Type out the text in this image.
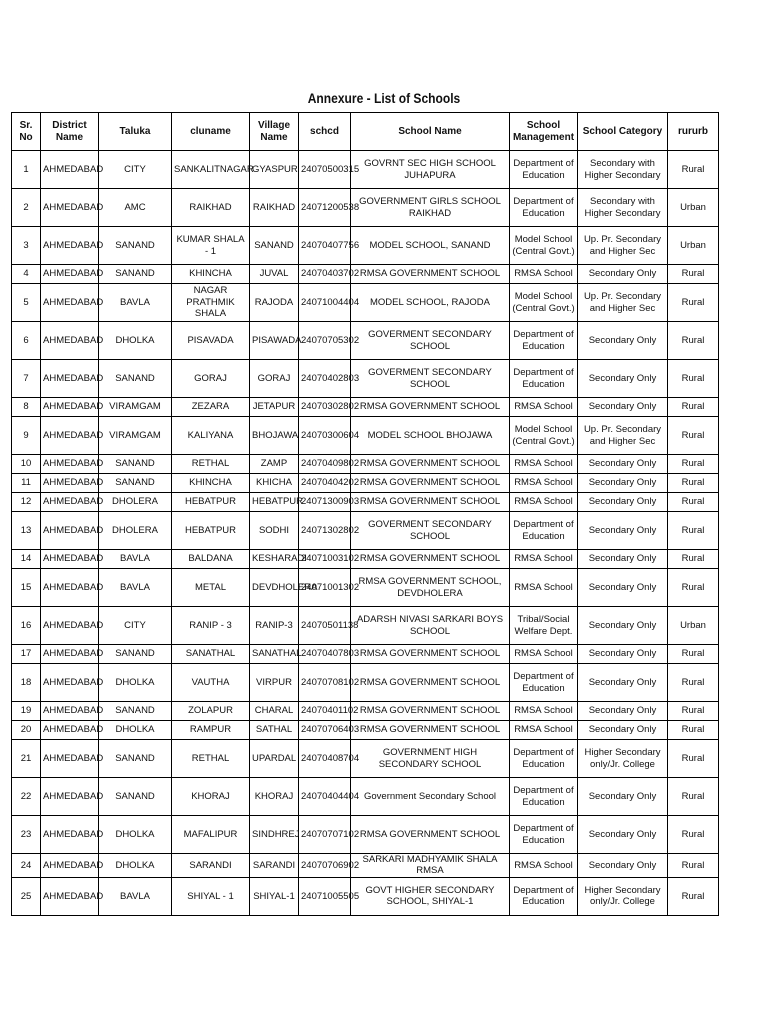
Annexure - List of Schools
Sr. No	District Name	Taluka	cluname	Village Name	schcd	School Name	School Management	School Category	rururb
1	AHMEDABAD	CITY	SANKALITNAGAR	GYASPUR	24070500315	GOVRNT SEC HIGH SCHOOL JUHAPURA	Department of Education	Secondary with Higher Secondary	Rural
2	AHMEDABAD	AMC	RAIKHAD	RAIKHAD	24071200538	GOVERNMENT GIRLS SCHOOL RAIKHAD	Department of Education	Secondary with Higher Secondary	Urban
3	AHMEDABAD	SANAND	KUMAR SHALA - 1	SANAND	24070407756	MODEL SCHOOL, SANAND	Model School (Central Govt.)	Up. Pr. Secondary and Higher Sec	Urban
4	AHMEDABAD	SANAND	KHINCHA	JUVAL	24070403702	RMSA GOVERNMENT SCHOOL	RMSA School	Secondary Only	Rural
5	AHMEDABAD	BAVLA	NAGAR PRATHMIK SHALA	RAJODA	24071004404	MODEL SCHOOL, RAJODA	Model School (Central Govt.)	Up. Pr. Secondary and Higher Sec	Rural
6	AHMEDABAD	DHOLKA	PISAVADA	PISAWADA	24070705302	GOVERMENT SECONDARY SCHOOL	Department of Education	Secondary Only	Rural
7	AHMEDABAD	SANAND	GORAJ	GORAJ	24070402803	GOVERMENT SECONDARY SCHOOL	Department of Education	Secondary Only	Rural
8	AHMEDABAD	VIRAMGAM	ZEZARA	JETAPUR	24070302802	RMSA GOVERNMENT SCHOOL	RMSA School	Secondary Only	Rural
9	AHMEDABAD	VIRAMGAM	KALIYANA	BHOJAWA	24070300604	MODEL SCHOOL BHOJAWA	Model School (Central Govt.)	Up. Pr. Secondary and Higher Sec	Rural
10	AHMEDABAD	SANAND	RETHAL	ZAMP	24070409802	RMSA GOVERNMENT SCHOOL	RMSA School	Secondary Only	Rural
11	AHMEDABAD	SANAND	KHINCHA	KHICHA	24070404202	RMSA GOVERNMENT SCHOOL	RMSA School	Secondary Only	Rural
12	AHMEDABAD	DHOLERA	HEBATPUR	HEBATPUR	24071300903	RMSA GOVERNMENT SCHOOL	RMSA School	Secondary Only	Rural
13	AHMEDABAD	DHOLERA	HEBATPUR	SODHI	24071302802	GOVERMENT SECONDARY SCHOOL	Department of Education	Secondary Only	Rural
14	AHMEDABAD	BAVLA	BALDANA	KESHARADI	24071003102	RMSA GOVERNMENT SCHOOL	RMSA School	Secondary Only	Rural
15	AHMEDABAD	BAVLA	METAL	DEVDHOLERA	24071001302	RMSA GOVERNMENT SCHOOL, DEVDHOLERA	RMSA School	Secondary Only	Rural
16	AHMEDABAD	CITY	RANIP - 3	RANIP-3	24070501138	ADARSH NIVASI SARKARI BOYS SCHOOL	Tribal/Social Welfare Dept.	Secondary Only	Urban
17	AHMEDABAD	SANAND	SANATHAL	SANATHAL	24070407803	RMSA GOVERNMENT SCHOOL	RMSA School	Secondary Only	Rural
18	AHMEDABAD	DHOLKA	VAUTHA	VIRPUR	24070708102	RMSA GOVERNMENT SCHOOL	Department of Education	Secondary Only	Rural
19	AHMEDABAD	SANAND	ZOLAPUR	CHARAL	24070401102	RMSA GOVERNMENT SCHOOL	RMSA School	Secondary Only	Rural
20	AHMEDABAD	DHOLKA	RAMPUR	SATHAL	24070706403	RMSA GOVERNMENT SCHOOL	RMSA School	Secondary Only	Rural
21	AHMEDABAD	SANAND	RETHAL	UPARDAL	24070408704	GOVERNMENT HIGH SECONDARY SCHOOL	Department of Education	Higher Secondary only/Jr. College	Rural
22	AHMEDABAD	SANAND	KHORAJ	KHORAJ	24070404404	Government Secondary School	Department of Education	Secondary Only	Rural
23	AHMEDABAD	DHOLKA	MAFALIPUR	SINDHREJ	24070707102	RMSA GOVERNMENT SCHOOL	Department of Education	Secondary Only	Rural
24	AHMEDABAD	DHOLKA	SARANDI	SARANDI	24070706902	SARKARI MADHYAMIK SHALA RMSA	RMSA School	Secondary Only	Rural
25	AHMEDABAD	BAVLA	SHIYAL - 1	SHIYAL-1	24071005505	GOVT HIGHER SECONDARY SCHOOL, SHIYAL-1	Department of Education	Higher Secondary only/Jr. College	Rural
